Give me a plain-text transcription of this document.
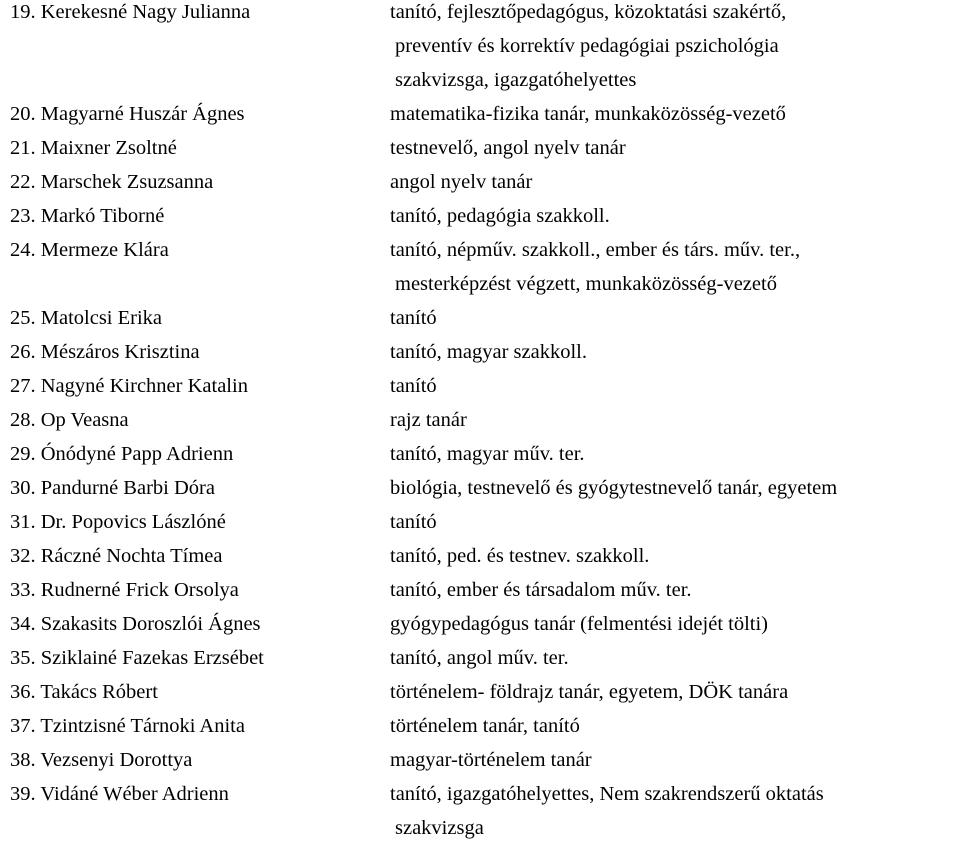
19. Kerekesné Nagy Julianna	tanító, fejlesztőpedagógus, közoktatási szakértő,
preventív és korrektív pedagógiai pszichológia
szakvizsga, igazgatóhelyettes
20. Magyarné Huszár Ágnes	matematika-fizika tanár, munkaközösség-vezető
21. Maixner Zsoltné	testnevelő, angol nyelv tanár
22. Marschek Zsuzsanna	angol nyelv tanár
23. Markó Tiborné	tanító, pedagógia szakkoll.
24. Mermeze Klára	tanító, népműv. szakkoll., ember és társ. műv. ter.,
mesterképzést végzett, munkaközösség-vezető
25. Matolcsi Erika	tanító
26. Mészáros Krisztina	tanító, magyar szakkoll.
27. Nagyné Kirchner Katalin	tanító
28. Op Veasna	rajz tanár
29. Ónódyné Papp Adrienn	tanító, magyar műv. ter.
30. Pandurné Barbi Dóra	biológia, testnevelő és gyógytestnevelő tanár, egyetem
31. Dr. Popovics Lászlóné	tanító
32. Ráczné Nochta Tímea	tanító, ped. és testnev. szakkoll.
33. Rudnerné Frick Orsolya	tanító, ember és társadalom műv. ter.
34. Szakasits Doroszlói Ágnes	gyógypedagógus tanár (felmentési idejét tölti)
35. Sziklainé Fazekas Erzsébet	tanító, angol műv. ter.
36. Takács Róbert	történelem- földrajz tanár, egyetem, DÖK tanára
37. Tzintzisné Tárnoki Anita	történelem tanár, tanító
38. Vezsenyi Dorottya	magyar-történelem tanár
39. Vidáné Wéber Adrienn	tanító, igazgatóhelyettes, Nem szakrendszerű oktatás
szakvizsga
